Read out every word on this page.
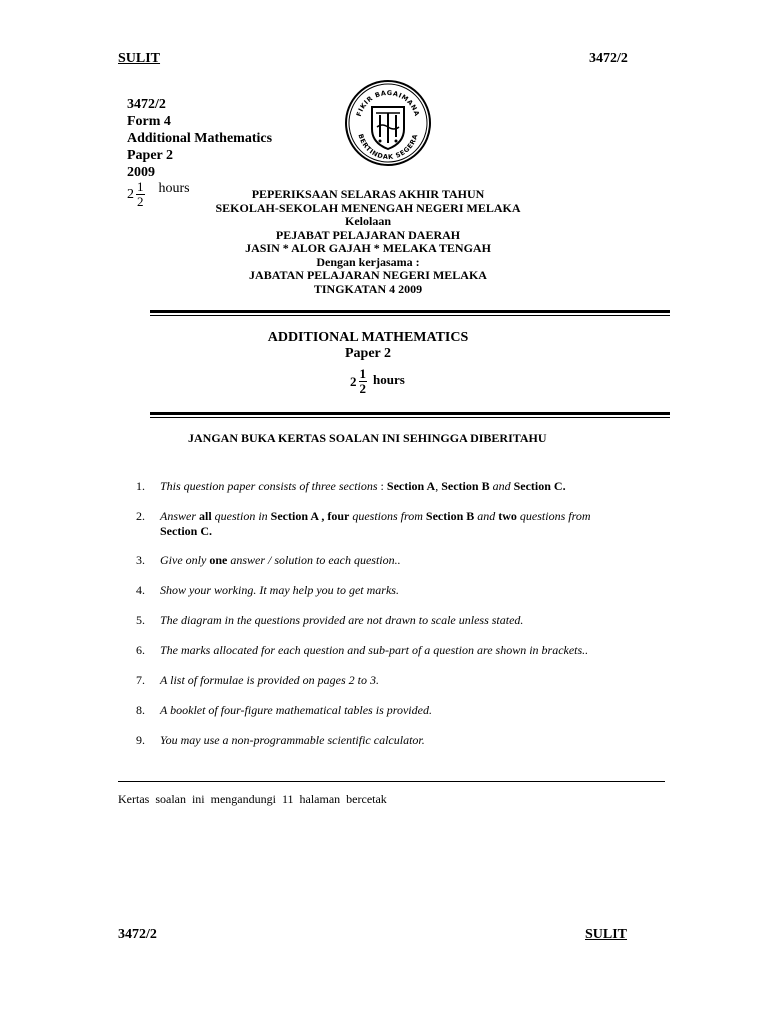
SULIT	3472/2
3472/2
Form 4
Additional Mathematics
Paper 2
2009
$2 \frac{1}{2}$ hours
FIKIR BAGAIMANA
BERTINDAK SEGERA
PEPERIKSAAN SELARAS AKHIR TAHUN
SEKOLAH-SEKOLAH MENENGAH NEGERI MELAKA
Kelolaan
PEJABAT PELAJARAN DAERAH
JASIN * ALOR GAJAH * MELAKA TENGAH
Dengan kerjasama :
JABATAN PELAJARAN NEGERI MELAKA
TINGKATAN 4 2009
ADDITIONAL MATHEMATICS
Paper 2
$2 \frac{1}{2}$ hours
JANGAN BUKA KERTAS SOALAN INI SEHINGGA DIBERITAHU
1.	This question paper consists of three sections : Section A, Section B and Section C.
2.	Answer all question in Section A , four questions from Section B and two questions from
Section C.
3.	Give only one answer / solution to each question..
4.	Show your working. It may help you to get marks.
5.	The diagram in the questions provided are not drawn to scale unless stated.
6.	The marks allocated for each question and sub-part of a question are shown in brackets..
7.	A list of formulae is provided on pages 2 to 3.
8.	A booklet of four-figure mathematical tables is provided.
9.	You may use a non-programmable scientific calculator.
Kertas soalan ini mengandungi 11 halaman bercetak
3472/2	SULIT
